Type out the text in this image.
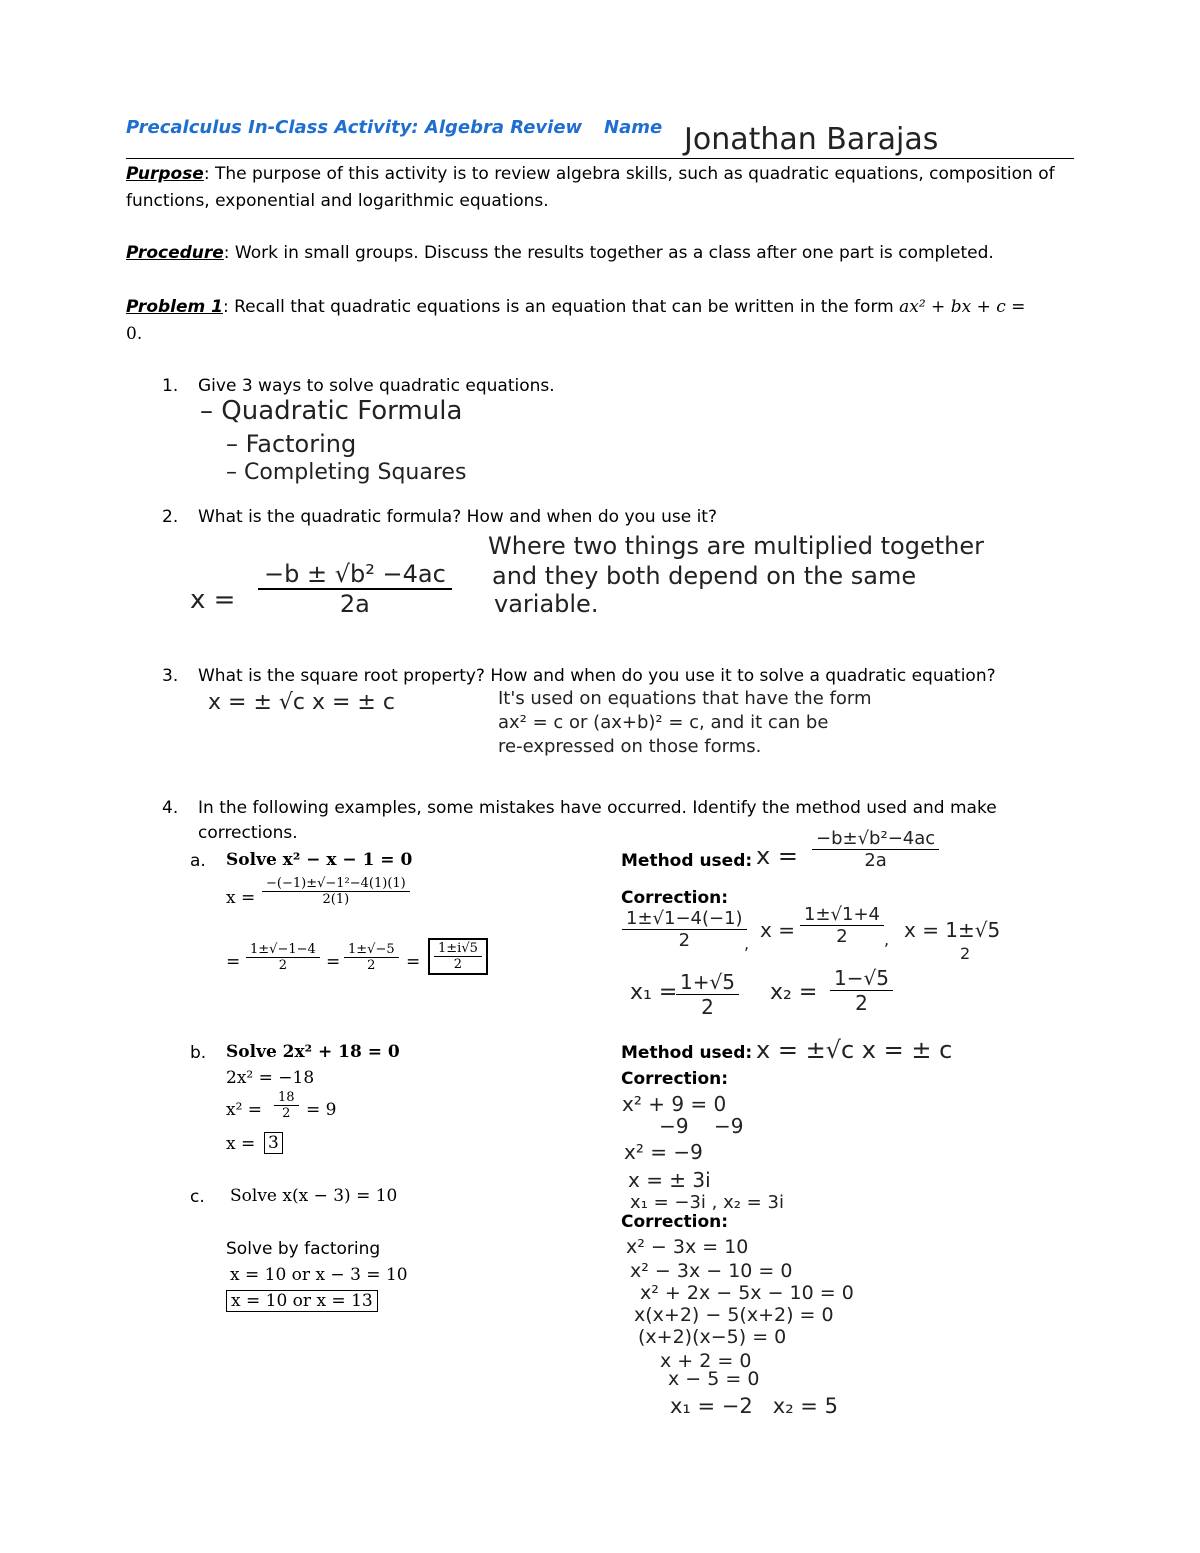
Precalculus In-Class Activity: Algebra Review Name Jonathan Barajas
Purpose: The purpose of this activity is to review algebra skills, such as quadratic equations, composition of
functions, exponential and logarithmic equations.
Procedure: Work in small groups. Discuss the results together as a class after one part is completed.
Problem 1: Recall that quadratic equations is an equation that can be written in the form ax² + bx + c =
0.
1. Give 3 ways to solve quadratic equations.
– Quadratic Formula
– Factoring
– Completing Squares
2. What is the quadratic formula? How and when do you use it?
$x = \frac{\text{−b ± √b² −4ac}}{2a}$
Where two things are multiplied together
and they both depend on the same
variable.
3. What is the square root property? How and when do you use it to solve a quadratic equation?
x = ± √c x = ± c	It's used on equations that have the form
ax² = c or (ax+b)² = c, and it can be
re-expressed on those forms.
4. In the following examples, some mistakes have occurred. Identify the method used and make
corrections.
a. Solve x² − x − 1 = 0
$x = \frac{\text{−(−1)±√−1²−4(1)(1)}}{2(1)}$
= $\frac{1\pm√-1-4}{2} = \frac{1\pm√-5}{2} = \frac{1\pm i√5}{2}$
Method used: $x = \frac{\text{−b±√b²−4ac}}{2a}$
Correction:
$\frac{1\pm√1-4(-1)}{2}$
,
$x = \frac{1\pm√1+4}{2}$ , x = 1±√5
2
x₁ =
$\frac{1+√5}{2} x_2 = \frac{1-√5}{2}$
b. Solve 2x² + 18 = 0
2x² = −18
$x^2 = \frac{18}{2} = 9$
x = 3
Method used: x = ±√c x = ± c
Correction:
x² + 9 = 0
−9    −9
x² = −9
x = ± 3i
x₁ = −3i , x₂ = 3i
c. Solve x(x − 3) = 10
Solve by factoring
x = 10 or x − 3 = 10
x = 10 or x = 13
Correction:
x² − 3x = 10
x² − 3x − 10 = 0
x² + 2x − 5x − 10 = 0
x(x+2) − 5(x+2) = 0
(x+2)(x−5) = 0
x + 2 = 0
x − 5 = 0
x₁ = −2   x₂ = 5
